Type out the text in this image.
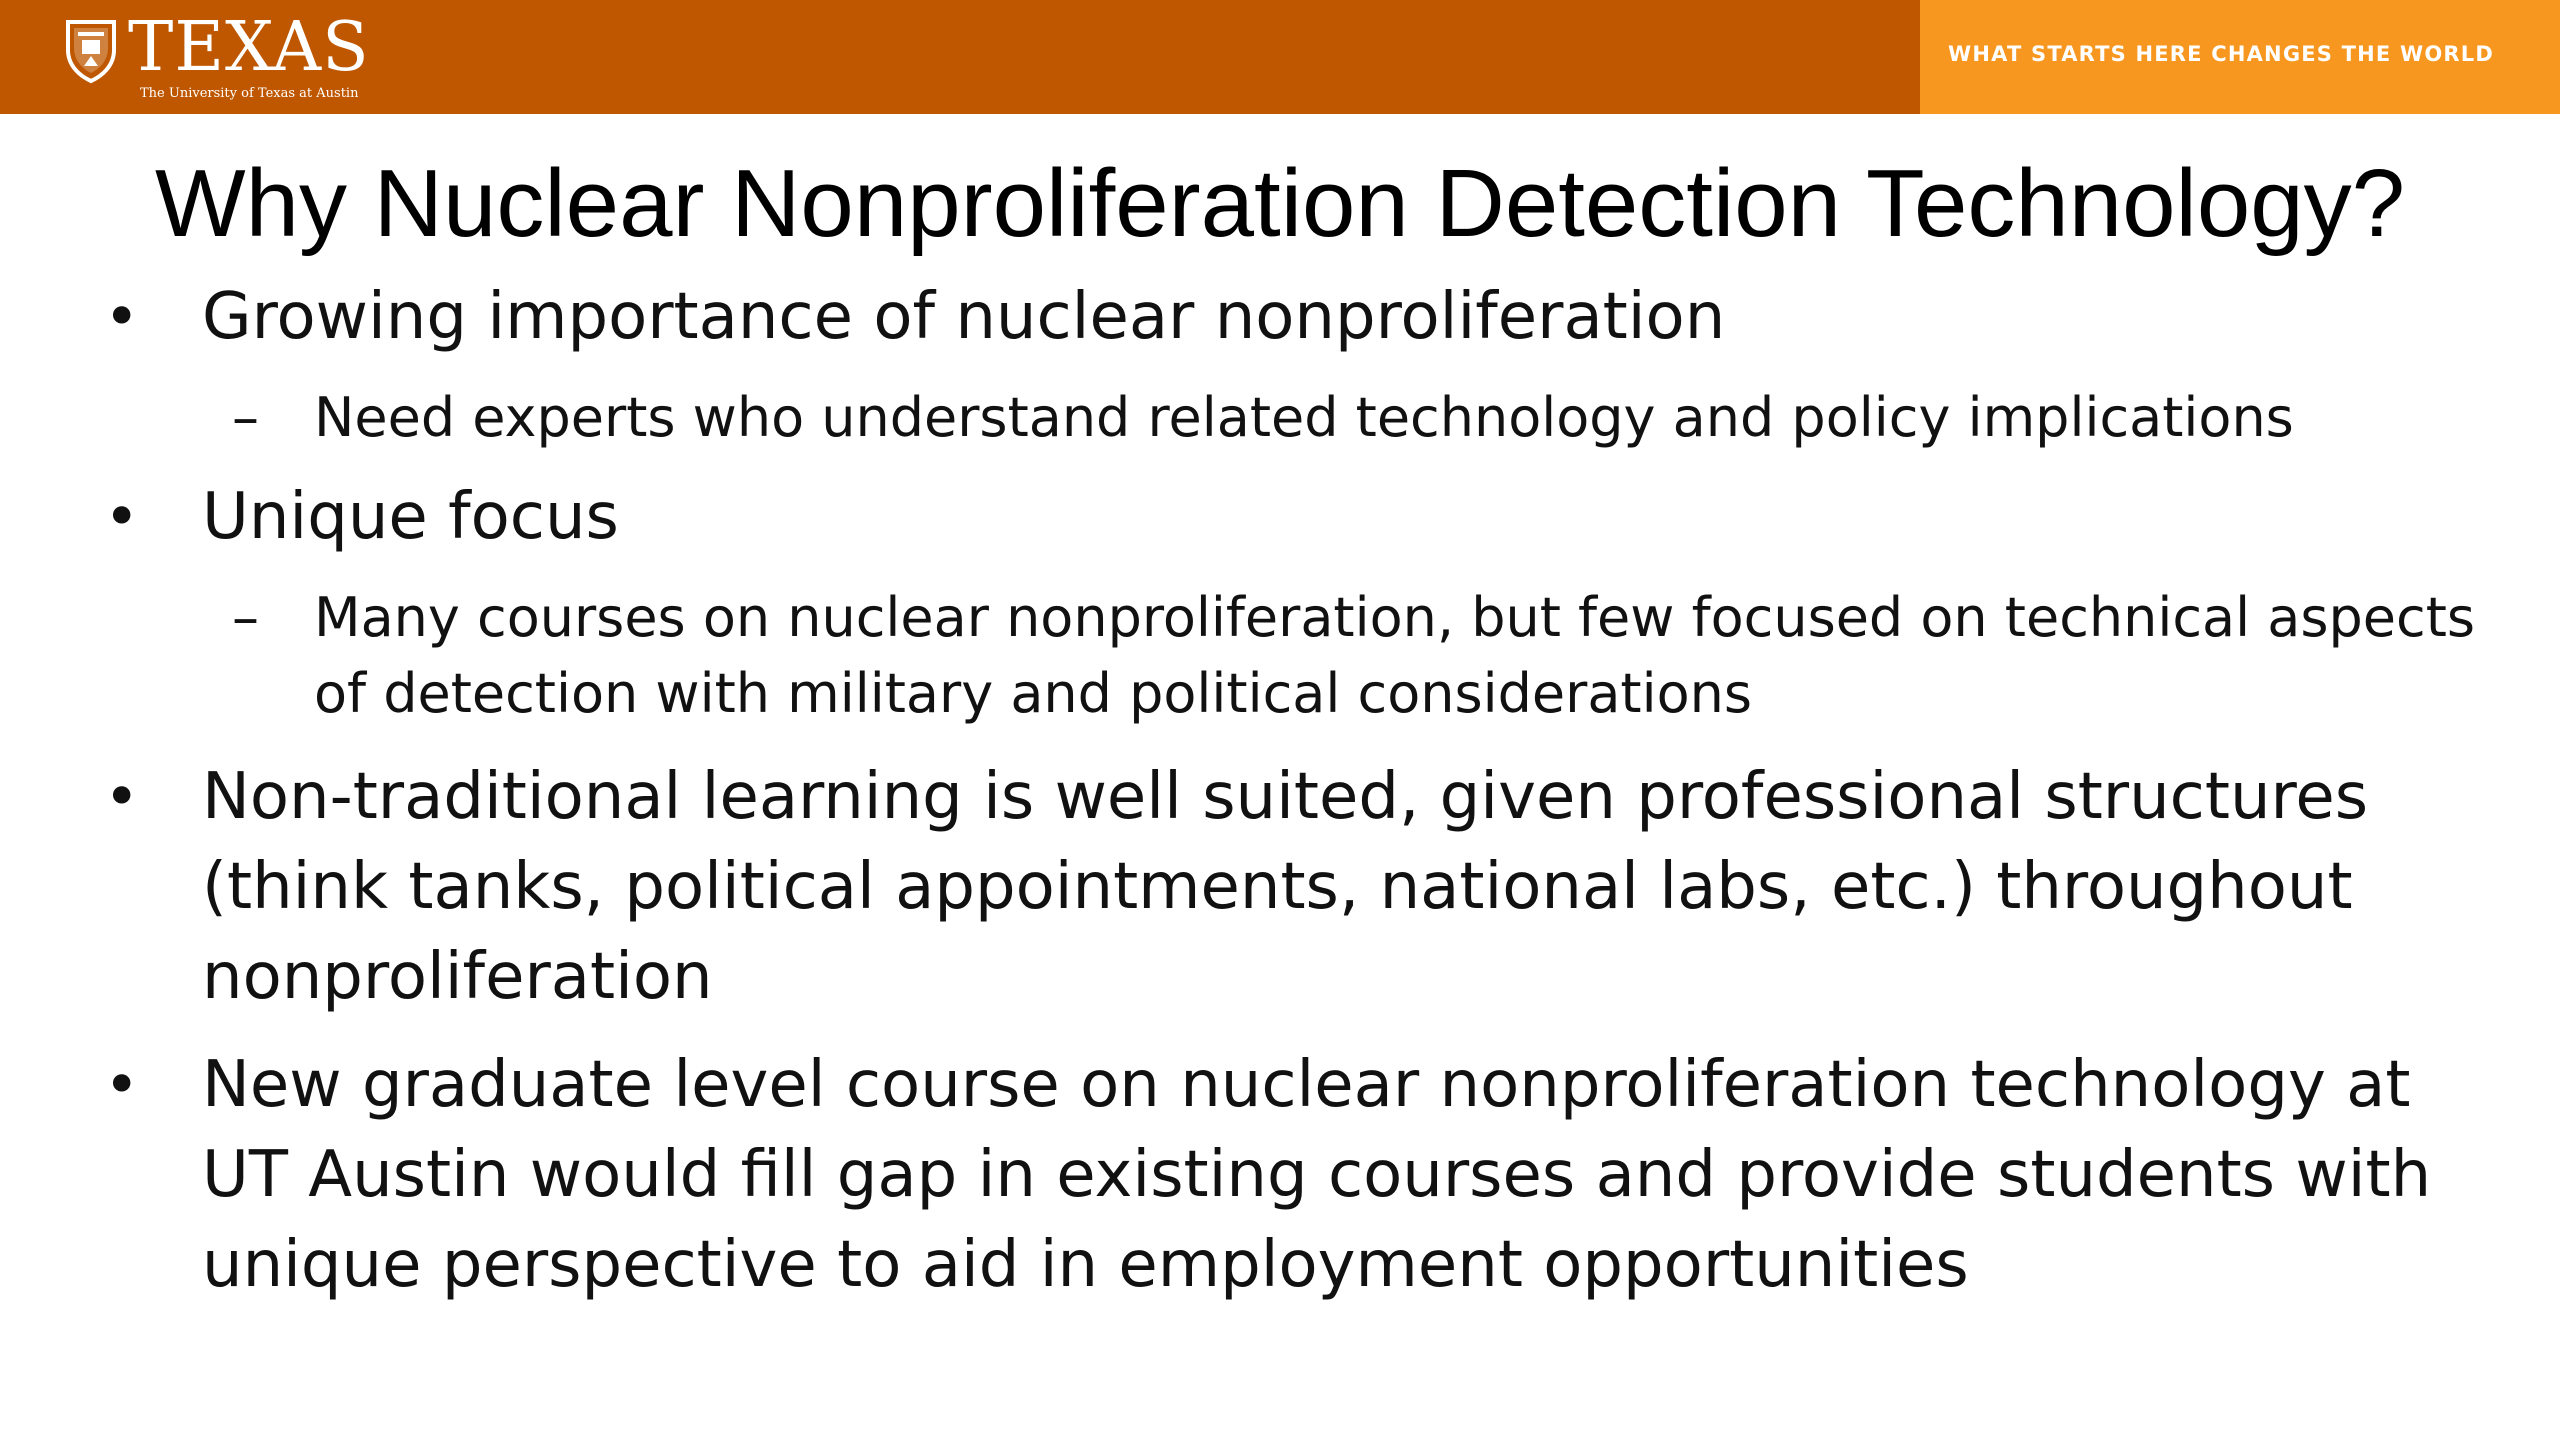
TEXAS
The University of Texas at Austin
WHAT STARTS HERE CHANGES THE WORLD
Why Nuclear Nonproliferation Detection Technology?
• Growing importance of nuclear nonproliferation
– Need experts who understand related technology and policy implications
• Unique focus
– Many courses on nuclear nonproliferation, but few focused on technical aspects of detection with military and political considerations
• Non-traditional learning is well suited, given professional structures (think tanks, political appointments, national labs, etc.) throughout nonproliferation
• New graduate level course on nuclear nonproliferation technology at UT Austin would fill gap in existing courses and provide students with unique perspective to aid in employment opportunities
